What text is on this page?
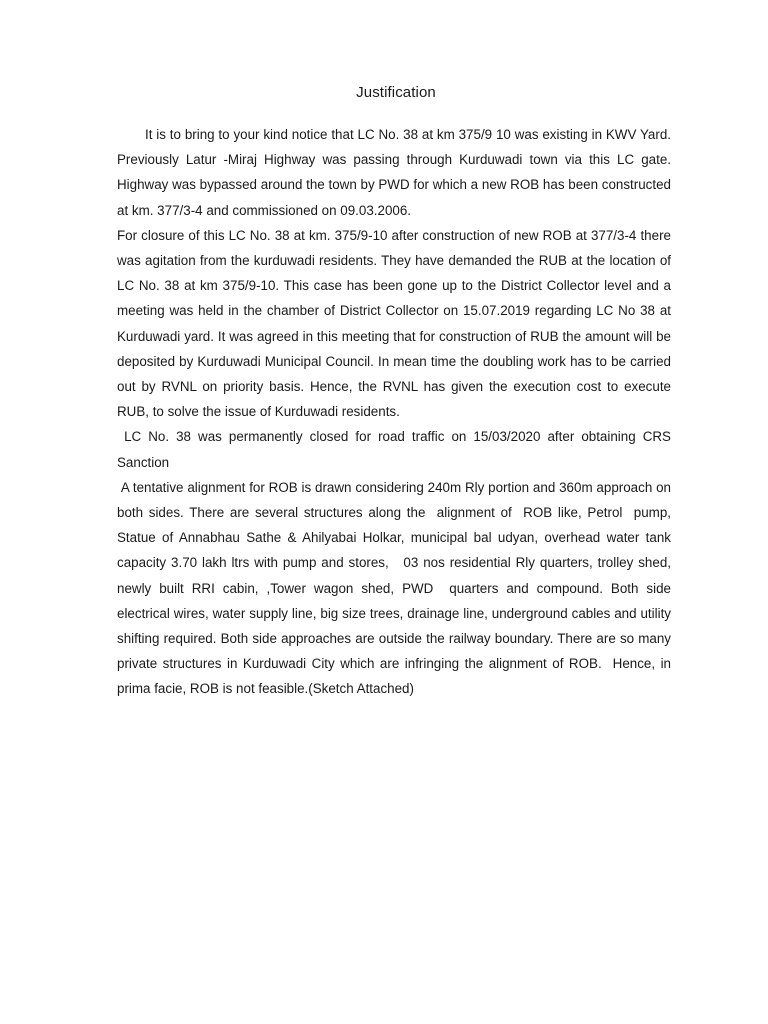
Justification

It is to bring to your kind notice that LC No. 38 at km 375/9 10 was existing in KWV Yard. Previously Latur -Miraj Highway was passing through Kurduwadi town via this LC gate. Highway was bypassed around the town by PWD for which a new ROB has been constructed at km. 377/3-4 and commissioned on 09.03.2006.

For closure of this LC No. 38 at km. 375/9-10 after construction of new ROB at 377/3-4 there was agitation from the kurduwadi residents. They have demanded the RUB at the location of LC No. 38 at km 375/9-10. This case has been gone up to the District Collector level and a meeting was held in the chamber of District Collector on 15.07.2019 regarding LC No 38 at Kurduwadi yard. It was agreed in this meeting that for construction of RUB the amount will be deposited by Kurduwadi Municipal Council. In mean time the doubling work has to be carried out by RVNL on priority basis. Hence, the RVNL has given the execution cost to execute RUB, to solve the issue of Kurduwadi residents.

LC No. 38 was permanently closed for road traffic on 15/03/2020 after obtaining CRS Sanction

A tentative alignment for ROB is drawn considering 240m Rly portion and 360m approach on both sides. There are several structures along the  alignment of  ROB like, Petrol  pump, Statue of Annabhau Sathe & Ahilyabai Holkar, municipal bal udyan, overhead water tank capacity 3.70 lakh ltrs with pump and stores,   03 nos residential Rly quarters, trolley shed, newly built RRI cabin, ,Tower wagon shed, PWD  quarters and compound. Both side electrical wires, water supply line, big size trees, drainage line, underground cables and utility shifting required. Both side approaches are outside the railway boundary. There are so many private structures in Kurduwadi City which are infringing the alignment of ROB.  Hence, in prima facie, ROB is not feasible.(Sketch Attached)
